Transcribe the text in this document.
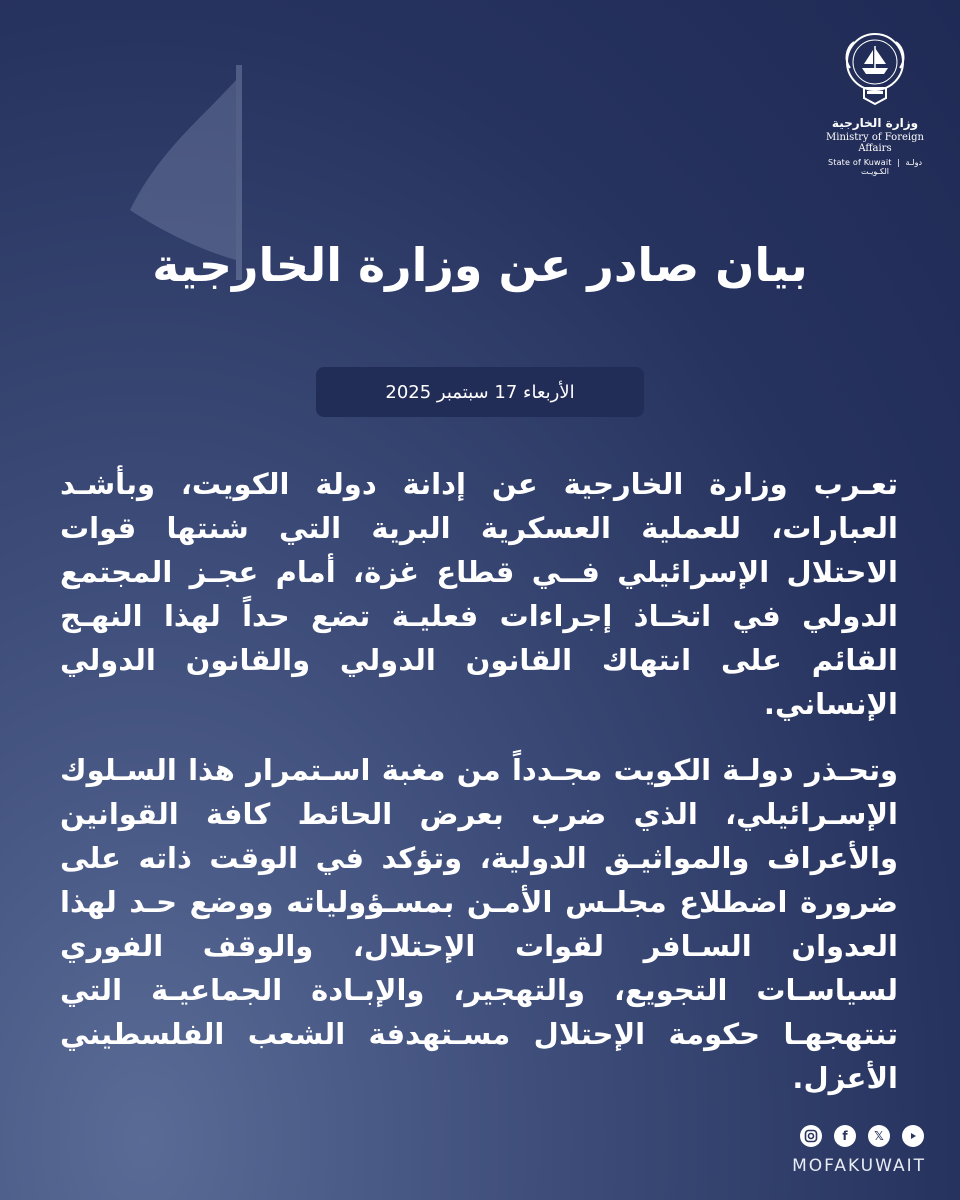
وزارة الخارجية
Ministry of Foreign Affairs
State of Kuwait  |  دولـة الكـويـت
بيان صادر عن وزارة الخارجية
الأربعاء 17 سبتمبر 2025

تعـرب وزارة الخارجية عن إدانة دولة الكويت، وبأشـد العبارات، للعملية العسكرية البرية التي شنتها قوات الاحتلال الإسرائيلي فــي قطاع غزة، أمام عجـز المجتمع الدولي في اتخـاذ إجراءات فعليـة تضع حداً لهذا النهـج القائم على انتهاك القانون الدولي والقانون الدولي الإنساني.

وتحـذر دولـة الكويت مجـدداً من مغبة اسـتمرار هذا السـلوك الإسـرائيلي، الذي ضرب بعرض الحائط كافة القوانين والأعراف والمواثيـق الدولية، وتؤكد في الوقت ذاته على ضرورة اضطلاع مجلـس الأمـن بمسـؤولياته ووضع حـد لهذا العدوان السـافر لقوات الإحتلال، والوقف الفوري لسياسـات التجويع، والتهجير، والإبـادة الجماعيـة التي تنتهجهـا حكومة الإحتلال مسـتهدفة الشعب الفلسطيني الأعزل.

f	𝕏
MOFAKUWAIT
